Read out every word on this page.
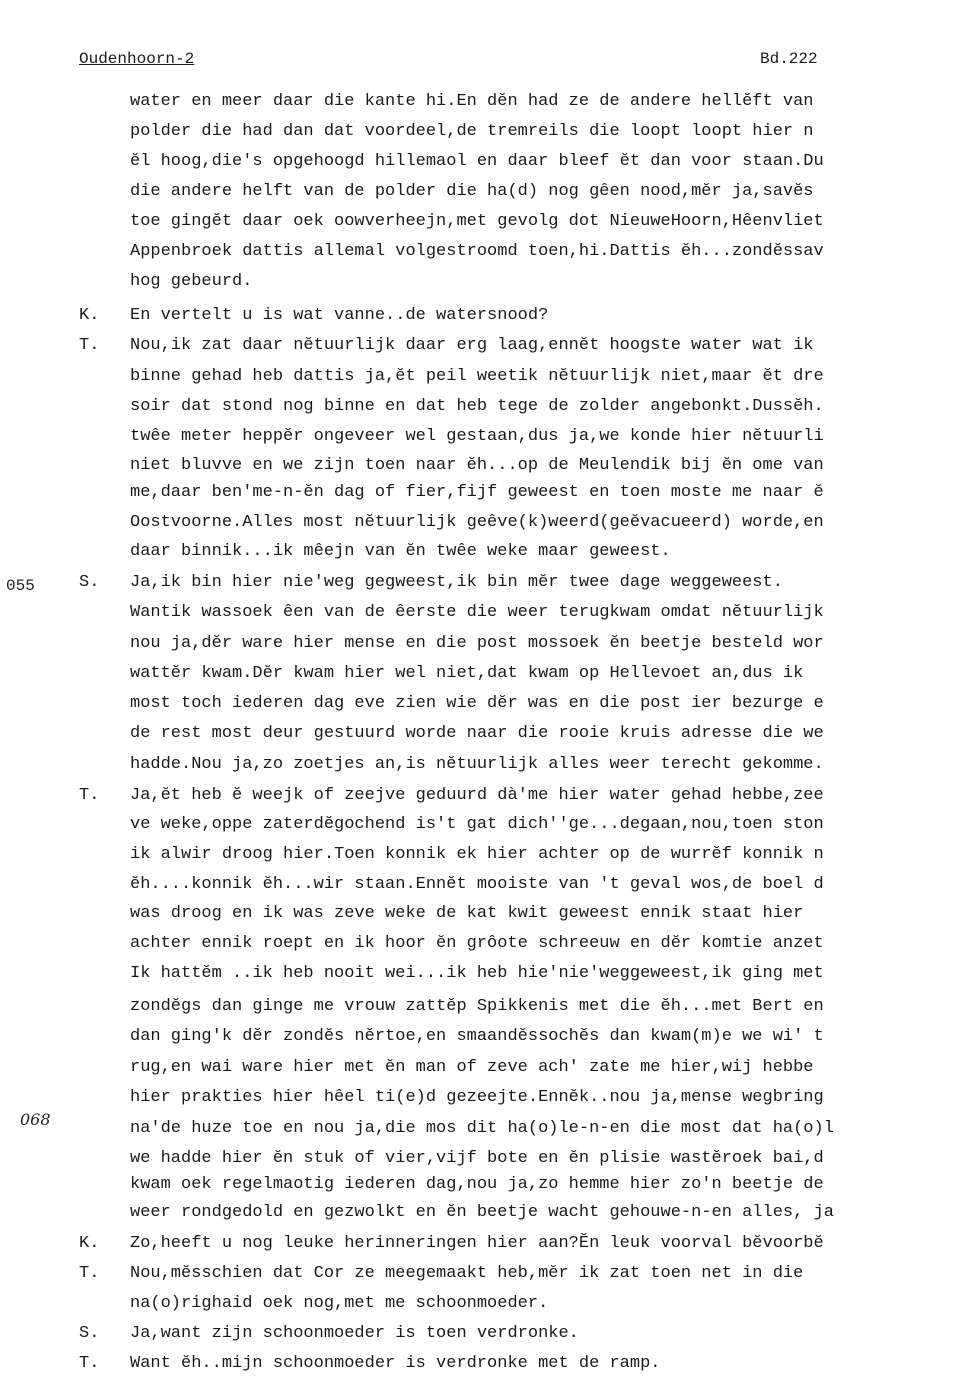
Oudenhoorn-2	Bd.222
055
068
K.
T.
S.
T.
K.
T.
S.
T.
water en meer daar die kante hi.En dĕn had ze de andere hellĕft van
polder die had dan dat voordeel,de tremreils die loopt loopt hier n
ĕl hoog,die's opgehoogd hillemaol en daar bleef ĕt dan voor staan.Du
die andere helft van de polder die ha(d) nog gêen nood,mĕr ja,savĕs
toe gingĕt daar oek oowverheejn,met gevolg dot NieuweHoorn,Hêenvliet
Appenbroek dattis allemal volgestroomd toen,hi.Dattis ĕh...zondĕssav
hog gebeurd.
En vertelt u is wat vanne..de watersnood?
Nou,ik zat daar nĕtuurlijk daar erg laag,ennĕt hoogste water wat ik
binne gehad heb dattis ja,ĕt peil weetik nĕtuurlijk niet,maar ĕt dre
soir dat stond nog binne en dat heb tege de zolder angebonkt.Dussĕh.
twêe meter heppĕr ongeveer wel gestaan,dus ja,we konde hier nĕtuurli
niet bluvve en we zijn toen naar ĕh...op de Meulendik bij ĕn ome van
me,daar ben'me-n-ĕn dag of fier,fijf geweest en toen moste me naar ĕ
Oostvoorne.Alles most nĕtuurlijk geêve(k)weerd(geĕvacueerd) worde,en
daar binnik...ik mêejn van ĕn twêe weke maar geweest.
Ja,ik bin hier nie'weg gegweest,ik bin mĕr twee dage weggeweest.
Wantik wassoek êen van de êerste die weer terugkwam omdat nĕtuurlijk
nou ja,dĕr ware hier mense en die post mossoek ĕn beetje besteld wor
wattĕr kwam.Dĕr kwam hier wel niet,dat kwam op Hellevoet an,dus ik
most toch iederen dag eve zien wie dĕr was en die post ier bezurge e
de rest most deur gestuurd worde naar die rooie kruis adresse die we
hadde.Nou ja,zo zoetjes an,is nĕtuurlijk alles weer terecht gekomme.
Ja,ĕt heb ĕ weejk of zeejve geduurd dà'me hier water gehad hebbe,zee
ve weke,oppe zaterdĕgochend is't gat dich''ge...degaan,nou,toen ston
ik alwir droog hier.Toen konnik ek hier achter op de wurrĕf konnik n
ĕh....konnik ĕh...wir staan.Ennĕt mooiste van 't geval wos,de boel d
was droog en ik was zeve weke de kat kwit geweest ennik staat hier
achter ennik roept en ik hoor ĕn grôote schreeuw en dĕr komtie anzet
Ik hattĕm ..ik heb nooit wei...ik heb hie'nie'weggeweest,ik ging met
zondĕgs dan ginge me vrouw zattĕp Spikkenis met die ĕh...met Bert en
dan ging'k dĕr zondĕs nĕrtoe,en smaandĕssochĕs dan kwam(m)e we wi' t
rug,en wai ware hier met ĕn man of zeve ach' zate me hier,wij hebbe
hier prakties hier hêel ti(e)d gezeejte.Ennĕk..nou ja,mense wegbring
na'de huze toe en nou ja,die mos dit ha(o)le-n-en die most dat ha(o)l
we hadde hier ĕn stuk of vier,vijf bote en ĕn plisie wastĕroek bai,d
kwam oek regelmaotig iederen dag,nou ja,zo hemme hier zo'n beetje de
weer rondgedold en gezwolkt en ĕn beetje wacht gehouwe-n-en alles, ja
Zo,heeft u nog leuke herinneringen hier aan?Ĕn leuk voorval bĕvoorbĕ
Nou,mĕsschien dat Cor ze meegemaakt heb,mĕr ik zat toen net in die
na(o)righaid oek nog,met me schoonmoeder.
Ja,want zijn schoonmoeder is toen verdronke.
Want ĕh..mijn schoonmoeder is verdronke met de ramp.
